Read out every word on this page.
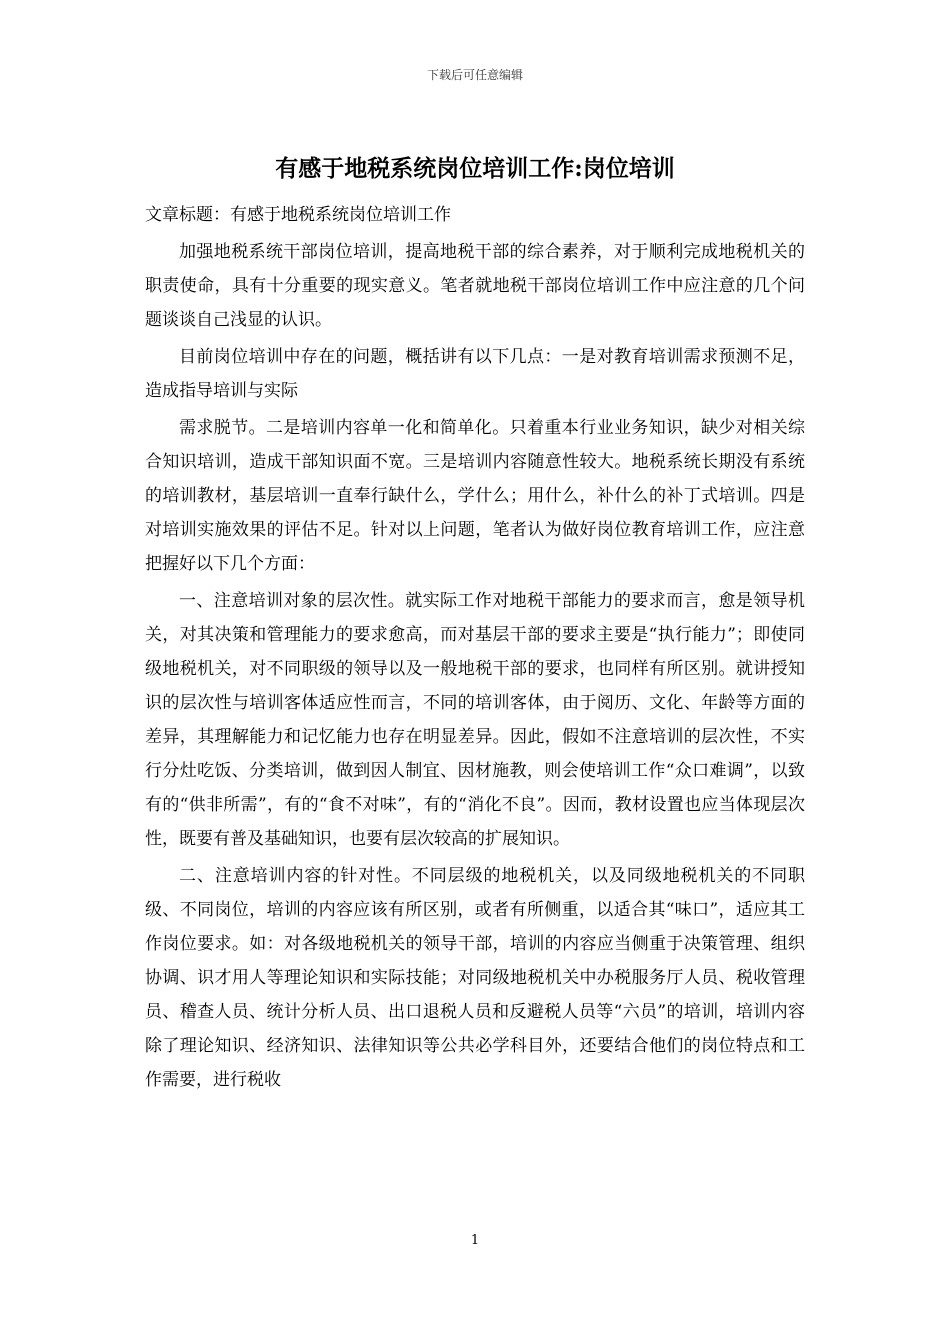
下载后可任意编辑
有感于地税系统岗位培训工作:岗位培训

文章标题：有感于地税系统岗位培训工作

加强地税系统干部岗位培训，提高地税干部的综合素养，对于顺利完成地税机关的职责使命，具有十分重要的现实意义。笔者就地税干部岗位培训工作中应注意的几个问题谈谈自己浅显的认识。

目前岗位培训中存在的问题，概括讲有以下几点：一是对教育培训需求预测不足，造成指导培训与实际

需求脱节。二是培训内容单一化和简单化。只着重本行业业务知识，缺少对相关综合知识培训，造成干部知识面不宽。三是培训内容随意性较大。地税系统长期没有系统的培训教材，基层培训一直奉行缺什么，学什么；用什么，补什么的补丁式培训。四是对培训实施效果的评估不足。针对以上问题，笔者认为做好岗位教育培训工作，应注意把握好以下几个方面：

一、注意培训对象的层次性。就实际工作对地税干部能力的要求而言，愈是领导机关，对其决策和管理能力的要求愈高，而对基层干部的要求主要是“执行能力”；即使同级地税机关，对不同职级的领导以及一般地税干部的要求，也同样有所区别。就讲授知识的层次性与培训客体适应性而言，不同的培训客体，由于阅历、文化、年龄等方面的差异，其理解能力和记忆能力也存在明显差异。因此，假如不注意培训的层次性，不实行分灶吃饭、分类培训，做到因人制宜、因材施教，则会使培训工作“众口难调”，以致有的“供非所需”，有的“食不对味”，有的“消化不良”。因而，教材设置也应当体现层次性，既要有普及基础知识，也要有层次较高的扩展知识。

二、注意培训内容的针对性。不同层级的地税机关，以及同级地税机关的不同职级、不同岗位，培训的内容应该有所区别，或者有所侧重，以适合其“味口”，适应其工作岗位要求。如：对各级地税机关的领导干部，培训的内容应当侧重于决策管理、组织协调、识才用人等理论知识和实际技能；对同级地税机关中办税服务厅人员、税收管理员、稽查人员、统计分析人员、出口退税人员和反避税人员等“六员”的培训，培训内容除了理论知识、经济知识、法律知识等公共必学科目外，还要结合他们的岗位特点和工作需要，进行税收

1
